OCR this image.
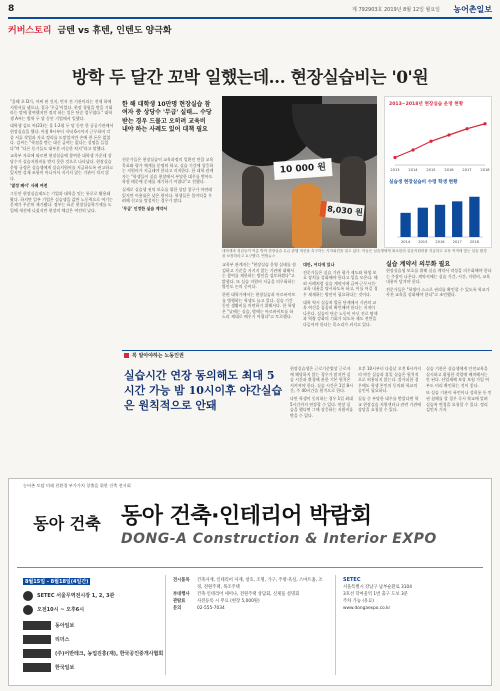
8	제 792903호 2019년 8월 12일 월요일 농어촌일보
커버스토리 금텐 vs 휴텐, 인텐도 양극화
방학 두 달간 꼬박 일했는데… 현장실습비는 '0'원

"올해 초 D기, 어찌 된 건지, 먼저 전 기관이라는 전제 하에 지원서를 냈으나, 결국 '무급'이었다. 현장 경험을 쌓을 기회라는 말에 참여했지만 정작 하는 일은 단순 업무였다." 대학생 A씨는 방학 두 달 동안 기업에서 일했다.

대학생 김모 씨(23)는 올 1·2월 두 달 동안 한 공공기관에서 현장실습을 했다. 아침 9시부터 저녁 6시까지 근무하며 각종 서류 작업과 자료 정리를 도맡았지만 손에 쥔 돈은 없었다. 김씨는 "학점을 받는 대신 급여는 없다는 설명을 들었다"며 "다른 동기들도 대부분 비슷한 처지"라고 말했다.

교육부 자료에 따르면 현장실습에 참여한 대학생 가운데 상당수가 실습지원비를 받지 못한 것으로 나타났다. 현장실습 운영 규정은 실습생에게 실습지원비를 지급하도록 권고하고 있지만 강제 조항이 아니어서 지키지 않는 기관이 적지 않다.

'열정 페이' 사례 여전

그동안 현장실습제도는 기업과 대학을 잇는 통로로 활용돼 왔다. 하지만 일부 기업은 실습생을 값싼 노동력으로 여기는 문제가 꾸준히 제기됐다. 정부는 표준 현장실습학기제를 도입해 개선에 나섰지만 현장의 체감은 여전히 낮다.

한 해 대학생 10만명 현장실습 참여자 중 상당수 '무급' 실태… 수당 받는 경우 드물고 오히려 교육비 내야 하는 사례도 있어 대책 필요

전문가들은 현장실습이 교육과정의 일환인 만큼 교육 목표와 평가 체계를 분명히 하고, 실습 기간에 상응하는 지원비가 지급돼야 한다고 지적한다. 한 대학 관계자는 "학생들이 실습 현장에서 부당한 대우를 받아도 학점 때문에 문제를 제기하기 어렵다"고 전했다.

실제로 실습생 권익 보호를 위한 상담 창구가 마련돼 있지만 이용률은 낮은 편이다. 학생들은 불이익을 우려해 신고를 망설이는 경우가 많다.

'무급' 인정한 실습 계약서

10 000 원
8,030 원
대학생과 청년들이 여름 방학 현장실습 무급 관행 개선을 촉구하는 기자회견을 열고 있다. 이들은 실습생에게 최소한의 실습지원비를 지급하고 교육 목적에 맞는 실습 환경을 보장하라고 요구했다. 연합뉴스
2013~2018년 현장실습 운영 현황
실습생 현장실습비 수령 학생 현황
2013 2014 2015 2016 2017 2018
2014 2015 2016 2017 2018

교육부 관계자는 "현장실습 운영 실태를 점검하고 기준을 지키지 않는 기관에 대해서는 참여를 제한하는 방안을 검토하겠다"고 밝혔다. 또 실습 지원비 지급을 의무화하는 방안도 논의 중이다.

한편 대학가에서는 현장실습과 아르바이트를 병행하는 학생도 늘고 있다. 실습 기간 동안 생활비를 마련하기 위해서다. 한 학생은 "낮에는 실습, 밤에는 아르바이트를 하느라 제대로 배우기 어렵다"고 토로했다.

대안, 어디에 있나

전문가들은 실습 기관 평가 제도와 학생 보호 장치를 강화해야 한다고 입을 모은다. 해외 사례처럼 실습 계약서에 급여·근무시간·교육 내용을 명시하도록 하고, 이를 어길 경우 제재하는 방안이 필요하다는 것이다.

대학 역시 실습처 발굴 단계에서 기관의 교육 여건을 꼼꼼히 확인해야 한다는 지적이 나온다. 실습이 단순 노동이 아닌 진로 탐색과 역량 강화의 기회가 되도록 제도 전반을 다듬어야 한다는 목소리가 커지고 있다.

실습 계약서 의무화 필요

현장실습생 보호를 위해 실습 계약서 작성을 의무화해야 한다는 주장이 나온다. 계약서에는 실습 기간, 시간, 지원비, 교육 내용이 담겨야 한다.

전문가들은 "학생이 스스로 권리를 확인할 수 있도록 학교가 사전 교육을 강화해야 한다"고 조언했다.

꼭 알아야하는 노동인권
실습시간 연장 동의해도 최대 5시간 가능 밤 10시이후 야간실습은 원칙적으로 안돼

현장실습생은 근로기준법상 근로자에 해당하지 않는 경우가 많지만 실습 시간과 환경에 관한 기본 원칙은 지켜져야 한다. 실습 시간은 1일 8시간, 주 40시간을 원칙으로 한다.

다만 학생이 동의하는 경우 1일 최대 5시간까지 연장할 수 있다. 연장 실습을 했다면 그에 상응하는 지원비를 받을 수 있다.

오후 10시부터 다음날 오전 6시까지의 야간 실습과 휴일 실습은 원칙적으로 허용되지 않는다. 불가피한 경우에도 학생 본인의 동의와 학교의 승인이 필요하다.

실습 중 부당한 대우를 받았다면 학교 현장실습 지원센터나 관련 기관에 상담을 요청할 수 있다.

실습 기관은 실습생에게 안전교육을 실시하고 위험한 작업에 배치해서는 안 된다. 산업재해 보상 보험 가입 여부도 미리 확인하는 것이 좋다.

또 실습 기관이 폭언이나 성희롱 등 인권 침해를 할 경우 즉시 학교에 알려 실습처 변경을 요청할 수 있다. 정리 김민지 기자

농어촌 토탈 미래 친환경 부가가치 창출을 위한 건축 전시회
동아 건축 동아 건축·인테리어 박람회
DONG-A Construction & Interior EXPO
8월15일 - 8월18일(4일간)
SETEC 서울무역전시장 1, 2, 3관
오전10시 ~ 오후6시
동아일보
리더스
(주)어반테크, 농업진흥(재), 한국공인중개사협회
한국일보
전시품목	건축자재, 인테리어 자재, 창호, 조명, 가구, 주방·욕실, 스마트홈, 조경, 전원주택, 목조주택
부대행사	건축·인테리어 세미나, 전원주택 상담회, 신제품 설명회
관람료	사전등록 시 무료 (현장 5,000원)
문의	02-555-7034
SETEC
서울특별시 강남구 남부순환로 3104
3호선 학여울역 1번 출구 도보 3분
주차 가능 (유료)
www.dongaexpo.co.kr
